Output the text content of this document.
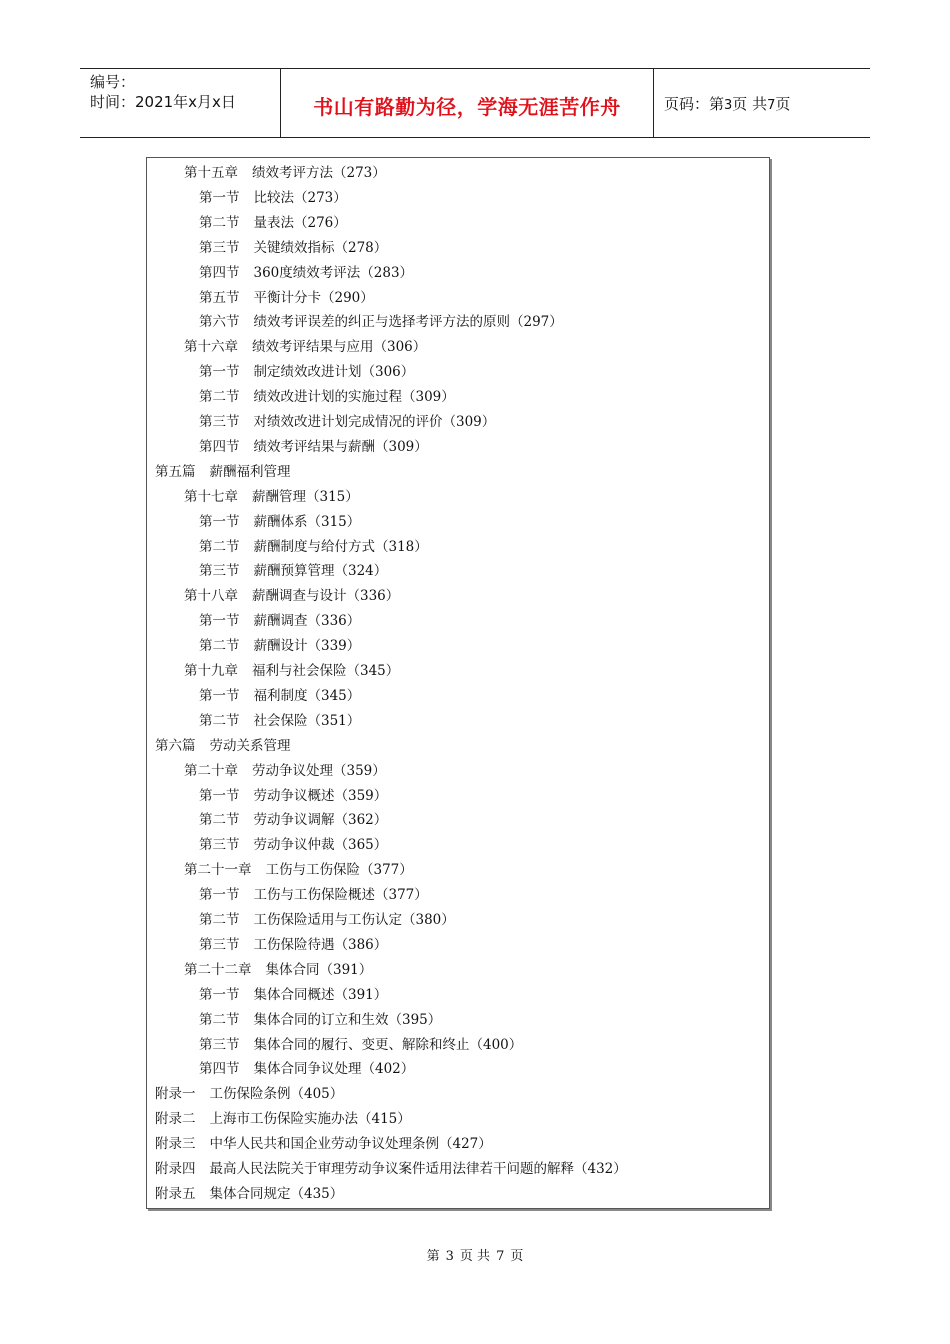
编号：
时间：2021年x月x日	书山有路勤为径，学海无涯苦作舟	页码：第3页 共7页
第十五章 绩效考评方法（273）
第一节 比较法（273）
第二节 量表法（276）
第三节 关键绩效指标（278）
第四节 360度绩效考评法（283）
第五节 平衡计分卡（290）
第六节 绩效考评误差的纠正与选择考评方法的原则（297）
第十六章 绩效考评结果与应用（306）
第一节 制定绩效改进计划（306）
第二节 绩效改进计划的实施过程（309）
第三节 对绩效改进计划完成情况的评价（309）
第四节 绩效考评结果与薪酬（309）
第五篇 薪酬福利管理
第十七章 薪酬管理（315）
第一节 薪酬体系（315）
第二节 薪酬制度与给付方式（318）
第三节 薪酬预算管理（324）
第十八章 薪酬调查与设计（336）
第一节 薪酬调查（336）
第二节 薪酬设计（339）
第十九章 福利与社会保险（345）
第一节 福利制度（345）
第二节 社会保险（351）
第六篇 劳动关系管理
第二十章 劳动争议处理（359）
第一节 劳动争议概述（359）
第二节 劳动争议调解（362）
第三节 劳动争议仲裁（365）
第二十一章 工伤与工伤保险（377）
第一节 工伤与工伤保险概述（377）
第二节 工伤保险适用与工伤认定（380）
第三节 工伤保险待遇（386）
第二十二章 集体合同（391）
第一节 集体合同概述（391）
第二节 集体合同的订立和生效（395）
第三节 集体合同的履行、变更、解除和终止（400）
第四节 集体合同争议处理（402）
附录一 工伤保险条例（405）
附录二 上海市工伤保险实施办法（415）
附录三 中华人民共和国企业劳动争议处理条例（427）
附录四 最高人民法院关于审理劳动争议案件适用法律若干问题的解释（432）
附录五 集体合同规定（435）
第 3 页 共 7 页
